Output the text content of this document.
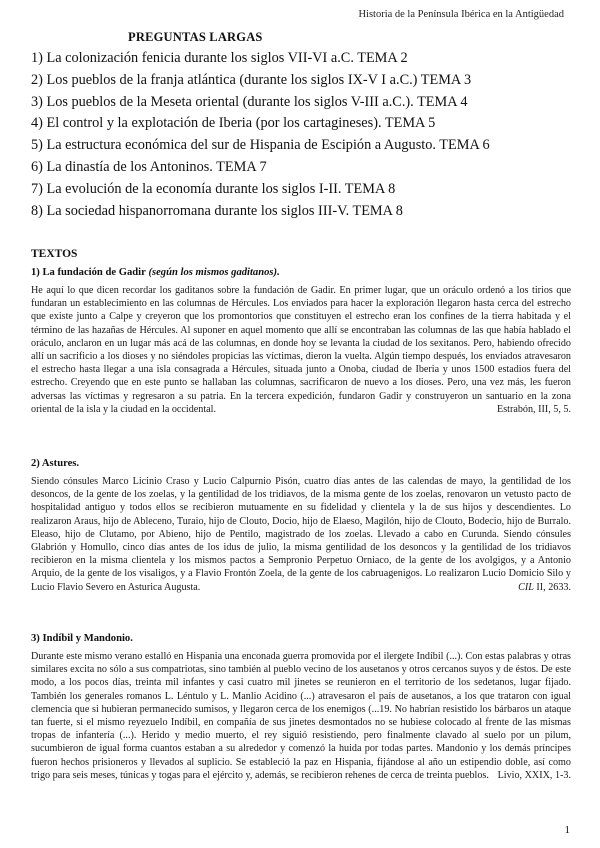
Historia de la Península Ibérica en la Antigüedad
PREGUNTAS LARGAS
1) La colonización fenicia durante los siglos VII-VI a.C. TEMA 2
2) Los pueblos de la franja atlántica (durante los siglos IX-V I a.C.) TEMA 3
3) Los pueblos de la Meseta oriental (durante los siglos V-III a.C.). TEMA 4
4) El control y la explotación de Iberia (por los cartagineses). TEMA 5
5) La estructura económica del sur de Hispania de Escipión a Augusto. TEMA 6
6) La dinastía de los Antoninos. TEMA 7
7) La evolución de la economía durante los siglos I-II. TEMA 8
8) La sociedad hispanorromana durante los siglos III-V. TEMA 8
TEXTOS
1) La fundación de Gadir (según los mismos gaditanos).

He aquí lo que dicen recordar los gaditanos sobre la fundación de Gadir. En primer lugar, que un oráculo ordenó a los tirios que fundaran un establecimiento en las columnas de Hércules. Los enviados para hacer la exploración llegaron hasta cerca del estrecho que existe junto a Calpe y creyeron que los promontorios que constituyen el estrecho eran los confines de la tierra habitada y el término de las hazañas de Hércules. Al suponer en aquel momento que allí se encontraban las columnas de las que había hablado el oráculo, anclaron en un lugar más acá de las columnas, en donde hoy se levanta la ciudad de los sexitanos. Pero, habiendo ofrecido allí un sacrificio a los dioses y no siéndoles propicias las víctimas, dieron la vuelta. Algún tiempo después, los enviados atravesaron el estrecho hasta llegar a una isla consagrada a Hércules, situada junto a Onoba, ciudad de Iberia y unos 1500 estadios fuera del estrecho. Creyendo que en este punto se hallaban las columnas, sacrificaron de nuevo a los dioses. Pero, una vez más, les fueron adversas las víctimas y regresaron a su patria. En la tercera expedición, fundaron Gadir y construyeron un santuario en la zona oriental de la isla y la ciudad en la occidental.	Estrabón, III, 5, 5.

2) Astures.

Siendo cónsules Marco Licinio Craso y Lucio Calpurnio Pisón, cuatro días antes de las calendas de mayo, la gentilidad de los desoncos, de la gente de los zoelas, y la gentilidad de los tridiavos, de la misma gente de los zoelas, renovaron un vetusto pacto de hospitalidad antiguo y todos ellos se recibieron mutuamente en su fidelidad y clientela y la de sus hijos y descendientes. Lo realizaron Araus, hijo de Ableceno, Turaio, hijo de Clouto, Docio, hijo de Elaeso, Magilón, hijo de Clouto, Bodecio, hijo de Burralo. Eleaso, hijo de Clutamo, por Abieno, hijo de Pentilo, magistrado de los zoelas. Llevado a cabo en Curunda. Siendo cónsules Glabrión y Homullo, cinco días antes de los idus de julio, la misma gentilidad de los desoncos y la gentilidad de los tridiavos recibieron en la misma clientela y los mismos pactos a Sempronio Perpetuo Orniaco, de la gente de los avolgigos, y a Antonio Arquio, de la gente de los visaligos, y a Flavio Frontón Zoela, de la gente de los cabruagenigos. Lo realizaron Lucio Domicio Silo y Lucio Flavio Severo en Asturica Augusta.	CIL II, 2633.

3) Indíbil y Mandonio.

Durante este mismo verano estalló en Hispania una enconada guerra promovida por el ilergete Indíbil (...). Con estas palabras y otras similares excita no sólo a sus compatriotas, sino también al pueblo vecino de los ausetanos y otros cercanos suyos y de éstos. De este modo, a los pocos días, treinta mil infantes y casi cuatro mil jinetes se reunieron en el territorio de los sedetanos, lugar fijado. También los generales romanos L. Léntulo y L. Manlio Acidino (...) atravesaron el país de ausetanos, a los que trataron con igual clemencia que si hubieran permanecido sumisos, y llegaron cerca de los enemigos (...19. No habrían resistido los bárbaros un ataque tan fuerte, si el mismo reyezuelo Indíbil, en compañía de sus jinetes desmontados no se hubiese colocado al frente de las mismas tropas de infantería (...). Herido y medio muerto, el rey siguió resistiendo, pero finalmente clavado al suelo por un pilum, sucumbieron de igual forma cuantos estaban a su alrededor y comenzó la huida por todas partes. Mandonio y los demás príncipes fueron hechos prisioneros y llevados al suplicio. Se estableció la paz en Hispania, fijándose al año un estipendio doble, así como trigo para seis meses, túnicas y togas para el ejército y, además, se recibieron rehenes de cerca de treinta pueblos. Livio, XXIX, 1-3.

1
